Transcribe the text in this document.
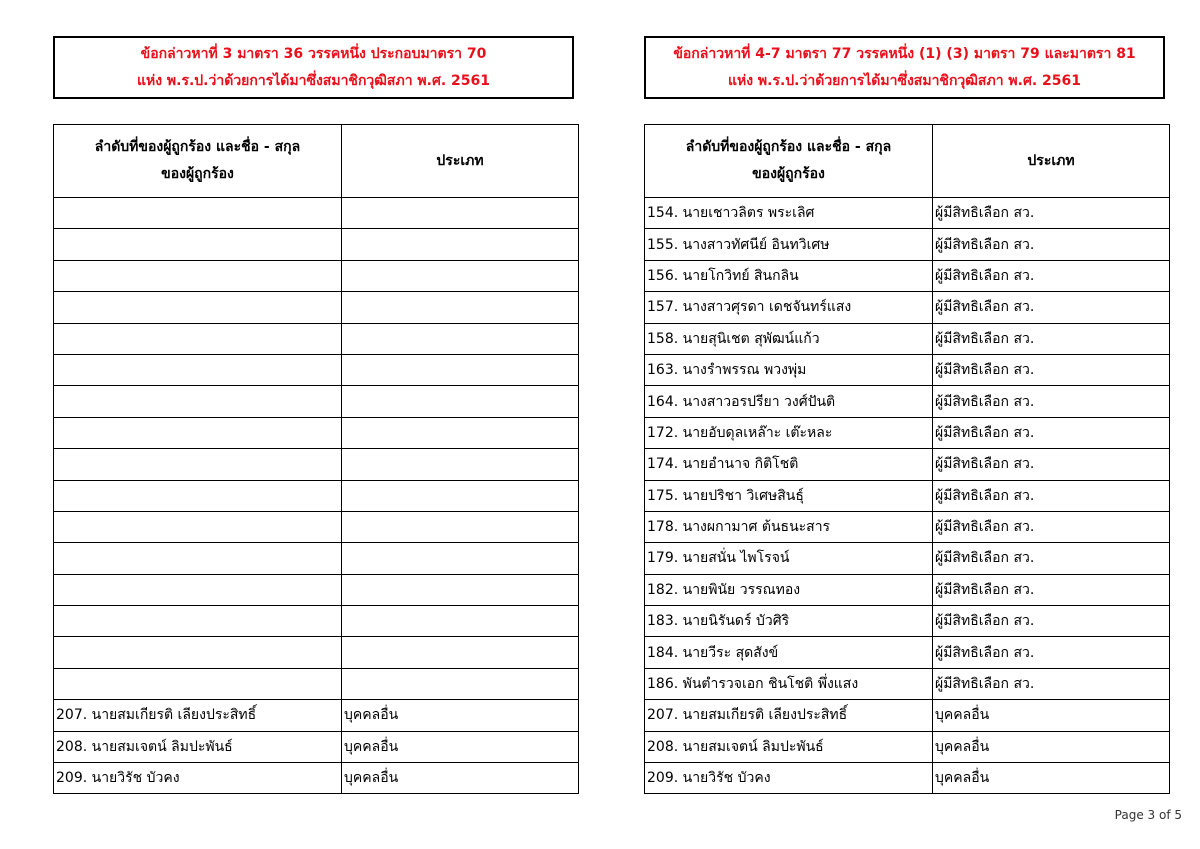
ข้อกล่าวหาที่ 3 มาตรา 36 วรรคหนึ่ง ประกอบมาตรา 70
แห่ง พ.ร.ป.ว่าด้วยการได้มาซึ่งสมาชิกวุฒิสภา พ.ศ. 2561
ลำดับที่ของผู้ถูกร้อง และชื่อ - สกุล
ของผู้ถูกร้อง	ประเภท

207. นายสมเกียรติ เลียงประสิทธิ์	บุคคลอื่น
208. นายสมเจตน์ ลิมปะพันธ์	บุคคลอื่น
209. นายวิรัช บัวคง	บุคคลอื่น
ข้อกล่าวหาที่ 4-7 มาตรา 77 วรรคหนึ่ง (1) (3) มาตรา 79 และมาตรา 81
แห่ง พ.ร.ป.ว่าด้วยการได้มาซึ่งสมาชิกวุฒิสภา พ.ศ. 2561
ลำดับที่ของผู้ถูกร้อง และชื่อ - สกุล
ของผู้ถูกร้อง	ประเภท
154. นายเชาวลิตร พระเลิศ	ผู้มีสิทธิเลือก สว.
155. นางสาวทัศนีย์ อินทวิเศษ	ผู้มีสิทธิเลือก สว.
156. นายโกวิทย์ สินกลิน	ผู้มีสิทธิเลือก สว.
157. นางสาวศุรดา เดชจันทร์แสง	ผู้มีสิทธิเลือก สว.
158. นายสุนิเชต สุพัฒน์แก้ว	ผู้มีสิทธิเลือก สว.
163. นางรำพรรณ พวงพุ่ม	ผู้มีสิทธิเลือก สว.
164. นางสาวอรปรียา วงศ์ปันติ	ผู้มีสิทธิเลือก สว.
172. นายอับดุลเหล๊าะ เต๊ะหละ	ผู้มีสิทธิเลือก สว.
174. นายอำนาจ กิติโชติ	ผู้มีสิทธิเลือก สว.
175. นายปริชา วิเศษสินธุ์	ผู้มีสิทธิเลือก สว.
178. นางผกามาศ ต้นธนะสาร	ผู้มีสิทธิเลือก สว.
179. นายสนั่น ไพโรจน์	ผู้มีสิทธิเลือก สว.
182. นายพินัย วรรณทอง	ผู้มีสิทธิเลือก สว.
183. นายนิรันดร์ บัวศิริ	ผู้มีสิทธิเลือก สว.
184. นายวีระ สุดสังข์	ผู้มีสิทธิเลือก สว.
186. พันตำรวจเอก ชินโชติ พึ่งแสง	ผู้มีสิทธิเลือก สว.
207. นายสมเกียรติ เลียงประสิทธิ์	บุคคลอื่น
208. นายสมเจตน์ ลิมปะพันธ์	บุคคลอื่น
209. นายวิรัช บัวคง	บุคคลอื่น
Page 3 of 5
